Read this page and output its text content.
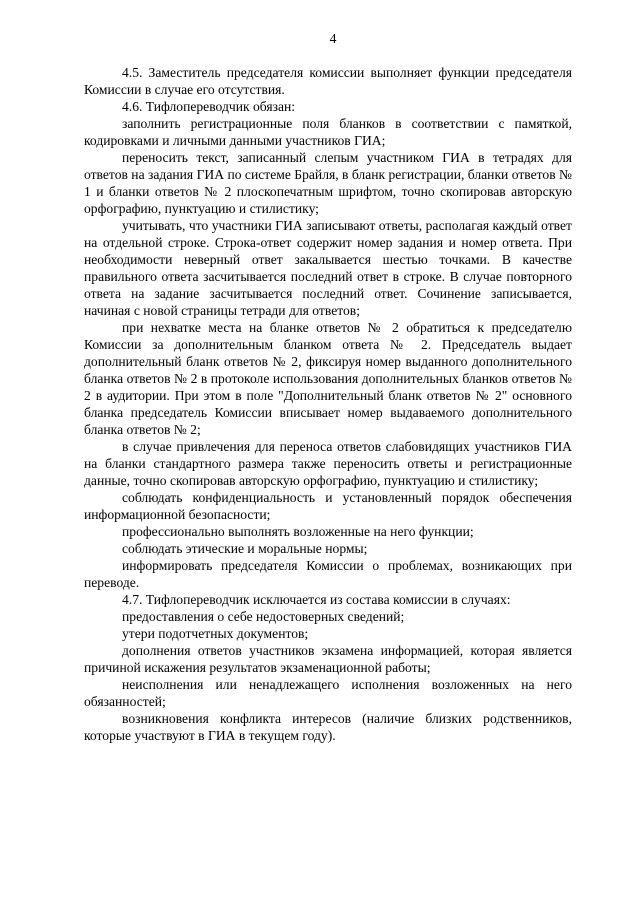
4

4.5. Заместитель председателя комиссии выполняет функции председателя Комиссии в случае его отсутствия.

4.6. Тифлопереводчик обязан:

заполнить регистрационные поля бланков в соответствии с памяткой, кодировками и личными данными участников ГИА;

переносить текст, записанный слепым участником ГИА в тетрадях для ответов на задания ГИА по системе Брайля, в бланк регистрации, бланки ответов № 1 и бланки ответов № 2 плоскопечатным шрифтом, точно скопировав авторскую орфографию, пунктуацию и стилистику;

учитывать, что участники ГИА записывают ответы, располагая каждый ответ на отдельной строке. Строка-ответ содержит номер задания и номер ответа. При необходимости неверный ответ закалывается шестью точками. В качестве правильного ответа засчитывается последний ответ в строке. В случае повторного ответа на задание засчитывается последний ответ. Сочинение записывается, начиная с новой страницы тетради для ответов;

при нехватке места на бланке ответов № 2 обратиться к председателю Комиссии за дополнительным бланком ответа № 2. Председатель выдает дополнительный бланк ответов № 2, фиксируя номер выданного дополнительного бланка ответов № 2 в протоколе использования дополнительных бланков ответов № 2 в аудитории. При этом в поле "Дополнительный бланк ответов № 2" основного бланка председатель Комиссии вписывает номер выдаваемого дополнительного бланка ответов № 2;

в случае привлечения для переноса ответов слабовидящих участников ГИА на бланки стандартного размера также переносить ответы и регистрационные данные, точно скопировав авторскую орфографию, пунктуацию и стилистику;

соблюдать конфиденциальность и установленный порядок обеспечения информационной безопасности;

профессионально выполнять возложенные на него функции;

соблюдать этические и моральные нормы;

информировать председателя Комиссии о проблемах, возникающих при переводе.

4.7. Тифлопереводчик исключается из состава комиссии в случаях:

предоставления о себе недостоверных сведений;

утери подотчетных документов;

дополнения ответов участников экзамена информацией, которая является причиной искажения результатов экзаменационной работы;

неисполнения или ненадлежащего исполнения возложенных на него обязанностей;

возникновения конфликта интересов (наличие близких родственников, которые участвуют в ГИА в текущем году).
